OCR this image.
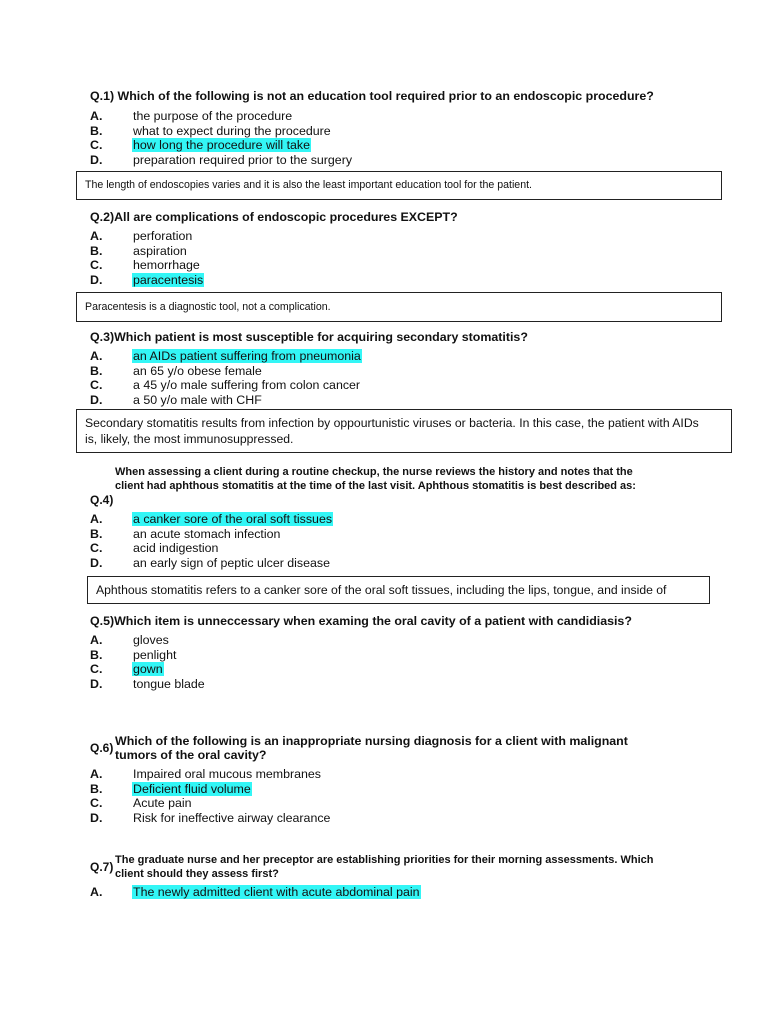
Q.1) Which of the following is not an education tool required prior to an endoscopic procedure?
A. the purpose of the procedure
B. what to expect during the procedure
C. how long the procedure will take
D. preparation required prior to the surgery
The length of endoscopies varies and it is also the least important education tool for the patient.
Q.2)All are complications of endoscopic procedures EXCEPT?
A. perforation
B. aspiration
C. hemorrhage
D. paracentesis
Paracentesis is a diagnostic tool, not a complication.
Q.3)Which patient is most susceptible for acquiring secondary stomatitis?
A. an AIDs patient suffering from pneumonia
B. an 65 y/o obese female
C. a 45 y/o male suffering from colon cancer
D. a 50 y/o male with CHF
Secondary stomatitis results from infection by oppourtunistic viruses or bacteria. In this case, the patient with AIDs
is, likely, the most immunosuppressed.
When assessing a client during a routine checkup, the nurse reviews the history and notes that the
client had aphthous stomatitis at the time of the last visit. Aphthous stomatitis is best described as:
Q.4)
A. a canker sore of the oral soft tissues
B. an acute stomach infection
C. acid indigestion
D. an early sign of peptic ulcer disease
Aphthous stomatitis refers to a canker sore of the oral soft tissues, including the lips, tongue, and inside of
Q.5)Which item is unneccessary when examing the oral cavity of a patient with candidiasis?
A. gloves
B. penlight
C. gown
D. tongue blade
Which of the following is an inappropriate nursing diagnosis for a client with malignant
tumors of the oral cavity?
Q.6)
A. Impaired oral mucous membranes
B. Deficient fluid volume
C. Acute pain
D. Risk for ineffective airway clearance
The graduate nurse and her preceptor are establishing priorities for their morning assessments. Which
client should they assess first?
Q.7)
A. The newly admitted client with acute abdominal pain
